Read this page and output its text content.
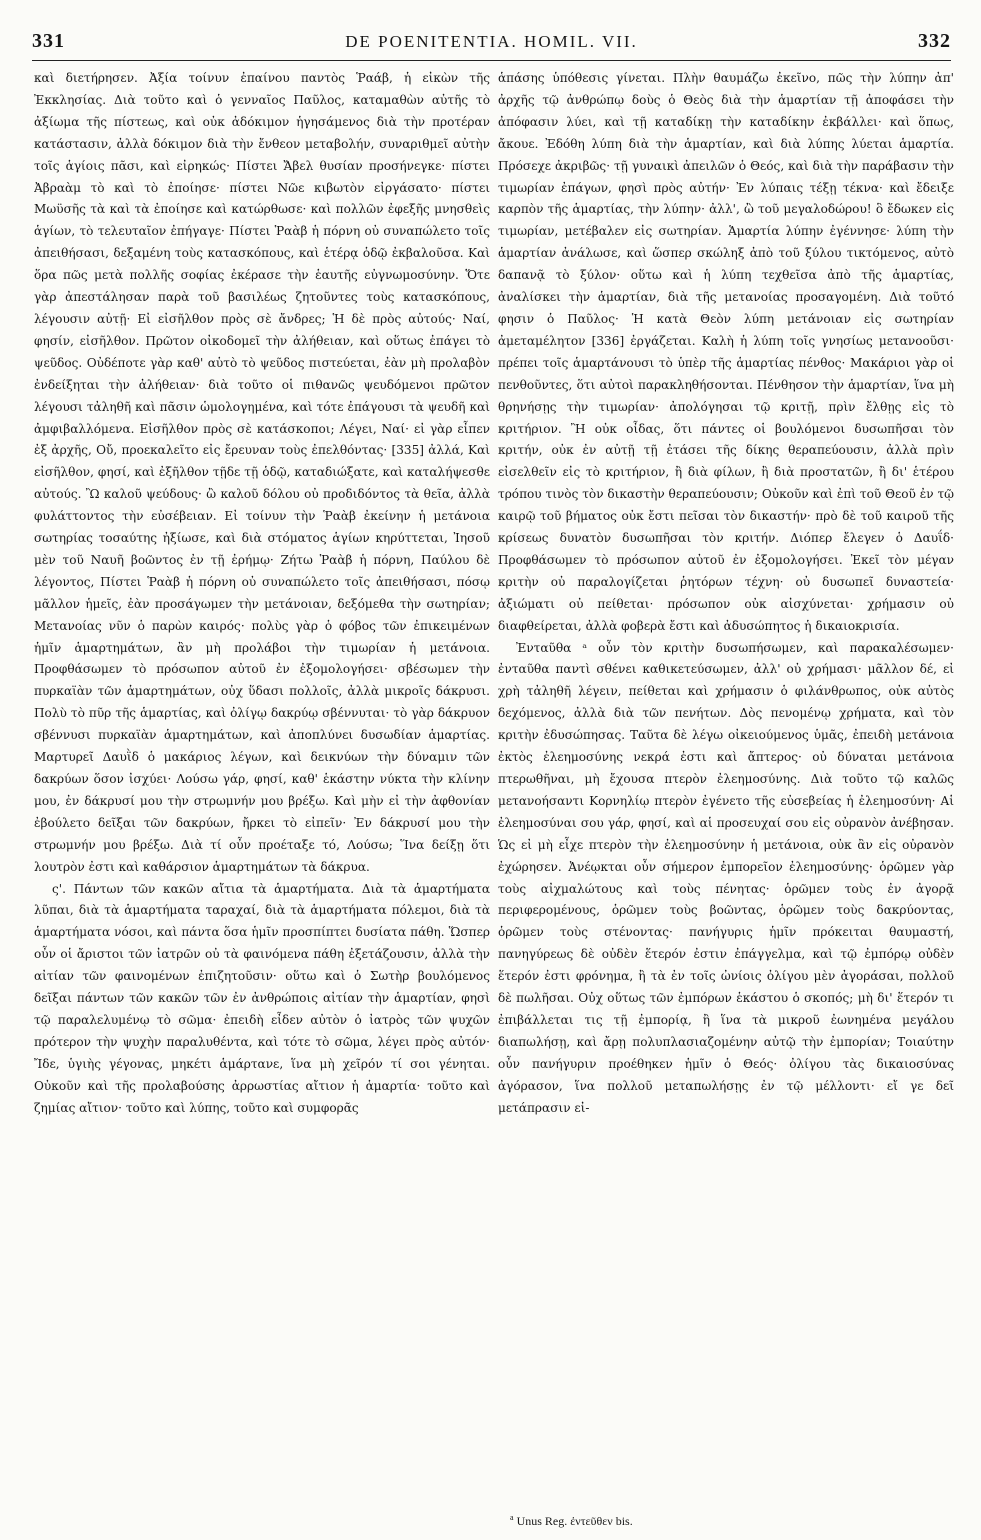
331	DE POENITENTIA. HOMIL. VII.	332

καὶ διετήρησεν. Ἀξία τοίνυν ἐπαίνου παντὸς Ῥαάβ, ἡ εἰκὼν τῆς Ἐκκλησίας. Διὰ τοῦτο καὶ ὁ γενναῖος Παῦλος, καταμαθὼν αὐτῆς τὸ ἀξίωμα τῆς πίστεως, καὶ οὐκ ἀδόκιμον ἡγησάμενος διὰ τὴν προτέραν κατάστασιν, ἀλλὰ δόκιμον διὰ τὴν ἔνθεον μεταβολήν, συναριθμεῖ αὐτὴν τοῖς ἁγίοις πᾶσι, καὶ εἰρηκώς· Πίστει Ἄβελ θυσίαν προσήνεγκε· πίστει Ἀβραὰμ τὸ καὶ τὸ ἐποίησε· πίστει Νῶε κιβωτὸν εἰργάσατο· πίστει Μωϋσῆς τὰ καὶ τὰ ἐποίησε καὶ κατώρθωσε· καὶ πολλῶν ἐφεξῆς μνησθεὶς ἁγίων, τὸ τελευταῖον ἐπήγαγε· Πίστει Ῥαὰβ ἡ πόρνη οὐ συναπώλετο τοῖς ἀπειθήσασι, δεξαμένη τοὺς κατασκόπους, καὶ ἑτέρᾳ ὁδῷ ἐκβαλοῦσα. Καὶ ὅρα πῶς μετὰ πολλῆς σοφίας ἐκέρασε τὴν ἑαυτῆς εὐγνωμοσύνην. Ὅτε γὰρ ἀπεστάλησαν παρὰ τοῦ βασιλέως ζητοῦντες τοὺς κατασκόπους, λέγουσιν αὐτῇ· Εἰ εἰσῆλθον πρὸς σὲ ἄνδρες; Ἡ δὲ πρὸς αὐτούς· Ναί, φησίν, εἰσῆλθον. Πρῶτον οἰκοδομεῖ τὴν ἀλήθειαν, καὶ οὕτως ἐπάγει τὸ ψεῦδος. Οὐδέποτε γὰρ καθ' αὑτὸ τὸ ψεῦδος πιστεύεται, ἐὰν μὴ προλαβὸν ἐνδείξηται τὴν ἀλήθειαν· διὰ τοῦτο οἱ πιθανῶς ψευδόμενοι πρῶτον λέγουσι τἀληθῆ καὶ πᾶσιν ὡμολογημένα, καὶ τότε ἐπάγουσι τὰ ψευδῆ καὶ ἀμφιβαλλόμενα. Εἰσῆλθον πρὸς σὲ κατάσκοποι; Λέγει, Ναί· εἰ γὰρ εἶπεν ἐξ ἀρχῆς, Οὔ, προεκαλεῖτο εἰς ἔρευναν τοὺς ἐπελθόντας· [335] ἀλλά, Καὶ εἰσῆλθον, φησί, καὶ ἐξῆλθον τῇδε τῇ ὁδῷ, καταδιώξατε, καὶ καταλήψεσθε αὐτούς. Ὢ καλοῦ ψεύδους· ὢ καλοῦ δόλου οὐ προδιδόντος τὰ θεῖα, ἀλλὰ φυλάττοντος τὴν εὐσέβειαν. Εἰ τοίνυν τὴν Ῥαὰβ ἐκείνην ἡ μετάνοια σωτηρίας τοσαύτης ἠξίωσε, καὶ διὰ στόματος ἁγίων κηρύττεται, Ἰησοῦ μὲν τοῦ Ναυῆ βοῶντος ἐν τῇ ἐρήμῳ· Ζήτω Ῥαὰβ ἡ πόρνη, Παύλου δὲ λέγοντος, Πίστει Ῥαὰβ ἡ πόρνη οὐ συναπώλετο τοῖς ἀπειθήσασι, πόσῳ μᾶλλον ἡμεῖς, ἐὰν προσάγωμεν τὴν μετάνοιαν, δεξόμεθα τὴν σωτηρίαν; Μετανοίας νῦν ὁ παρὼν καιρός· πολὺς γὰρ ὁ φόβος τῶν ἐπικειμένων ἡμῖν ἁμαρτημάτων, ἂν μὴ προλάβοι τὴν τιμωρίαν ἡ μετάνοια. Προφθάσωμεν τὸ πρόσωπον αὐτοῦ ἐν ἐξομολογήσει· σβέσωμεν τὴν πυρκαϊὰν τῶν ἁμαρτημάτων, οὐχ ὕδασι πολλοῖς, ἀλλὰ μικροῖς δάκρυσι. Πολὺ τὸ πῦρ τῆς ἁμαρτίας, καὶ ὀλίγῳ δακρύῳ σβέννυται· τὸ γὰρ δάκρυον σβέννυσι πυρκαϊὰν ἁμαρτημάτων, καὶ ἀποπλύνει δυσωδίαν ἁμαρτίας. Μαρτυρεῖ Δαυῒδ ὁ μακάριος λέγων, καὶ δεικνύων τὴν δύναμιν τῶν δακρύων ὅσον ἰσχύει· Λούσω γάρ, φησί, καθ' ἑκάστην νύκτα τὴν κλίνην μου, ἐν δάκρυσί μου τὴν στρωμνήν μου βρέξω. Καὶ μὴν εἰ τὴν ἀφθονίαν ἐβούλετο δεῖξαι τῶν δακρύων, ἤρκει τὸ εἰπεῖν· Ἐν δάκρυσί μου τὴν στρωμνήν μου βρέξω. Διὰ τί οὖν προέταξε τό, Λούσω; Ἵνα δείξῃ ὅτι λουτρὸν ἐστι καὶ καθάρσιον ἁμαρτημάτων τὰ δάκρυα.

ς'. Πάντων τῶν κακῶν αἴτια τὰ ἁμαρτήματα. Διὰ τὰ ἁμαρτήματα λῦπαι, διὰ τὰ ἁμαρτήματα ταραχαί, διὰ τὰ ἁμαρτήματα πόλεμοι, διὰ τὰ ἁμαρτήματα νόσοι, καὶ πάντα ὅσα ἡμῖν προσπίπτει δυσίατα πάθη. Ὥσπερ οὖν οἱ ἄριστοι τῶν ἰατρῶν οὐ τὰ φαινόμενα πάθη ἐξετάζουσιν, ἀλλὰ τὴν αἰτίαν τῶν φαινομένων ἐπιζητοῦσιν· οὕτω καὶ ὁ Σωτὴρ βουλόμενος δεῖξαι πάντων τῶν κακῶν τῶν ἐν ἀνθρώποις αἰτίαν τὴν ἁμαρτίαν, φησὶ τῷ παραλελυμένῳ τὸ σῶμα· ἐπειδὴ εἶδεν αὐτὸν ὁ ἰατρὸς τῶν ψυχῶν πρότερον τὴν ψυχὴν παραλυθέντα, καὶ τότε τὸ σῶμα, λέγει πρὸς αὐτόν· Ἴδε, ὑγιὴς γέγονας, μηκέτι ἁμάρτανε, ἵνα μὴ χεῖρόν τί σοι γένηται. Οὐκοῦν καὶ τῆς προλαβούσης ἀρρωστίας αἴτιον ἡ ἁμαρτία· τοῦτο καὶ ζημίας αἴτιον· τοῦτο καὶ λύπης, τοῦτο καὶ συμφορᾶς

ἁπάσης ὑπόθεσις γίνεται. Πλὴν θαυμάζω ἐκεῖνο, πῶς τὴν λύπην ἀπ' ἀρχῆς τῷ ἀνθρώπῳ δοὺς ὁ Θεὸς διὰ τὴν ἁμαρτίαν τῇ ἀποφάσει τὴν ἀπόφασιν λύει, καὶ τῇ καταδίκῃ τὴν καταδίκην ἐκβάλλει· καὶ ὅπως, ἄκουε. Ἐδόθη λύπη διὰ τὴν ἁμαρτίαν, καὶ διὰ λύπης λύεται ἁμαρτία. Πρόσεχε ἀκριβῶς· τῇ γυναικὶ ἀπειλῶν ὁ Θεός, καὶ διὰ τὴν παράβασιν τὴν τιμωρίαν ἐπάγων, φησὶ πρὸς αὐτήν· Ἐν λύπαις τέξῃ τέκνα· καὶ ἔδειξε καρπὸν τῆς ἁμαρτίας, τὴν λύπην· ἀλλ', ὢ τοῦ μεγαλοδώρου! ὃ ἔδωκεν εἰς τιμωρίαν, μετέβαλεν εἰς σωτηρίαν. Ἁμαρτία λύπην ἐγέννησε· λύπη τὴν ἁμαρτίαν ἀνάλωσε, καὶ ὥσπερ σκώληξ ἀπὸ τοῦ ξύλου τικτόμενος, αὐτὸ δαπανᾷ τὸ ξύλον· οὕτω καὶ ἡ λύπη τεχθεῖσα ἀπὸ τῆς ἁμαρτίας, ἀναλίσκει τὴν ἁμαρτίαν, διὰ τῆς μετανοίας προσαγομένη. Διὰ τοῦτό φησιν ὁ Παῦλος· Ἡ κατὰ Θεὸν λύπη μετάνοιαν εἰς σωτηρίαν ἀμεταμέλητον [336] ἐργάζεται. Καλὴ ἡ λύπη τοῖς γνησίως μετανοοῦσι· πρέπει τοῖς ἁμαρτάνουσι τὸ ὑπὲρ τῆς ἁμαρτίας πένθος· Μακάριοι γὰρ οἱ πενθοῦντες, ὅτι αὐτοὶ παρακληθήσονται. Πένθησον τὴν ἁμαρτίαν, ἵνα μὴ θρηνήσῃς τὴν τιμωρίαν· ἀπολόγησαι τῷ κριτῇ, πρὶν ἔλθῃς εἰς τὸ κριτήριον. Ἢ οὐκ οἶδας, ὅτι πάντες οἱ βουλόμενοι δυσωπῆσαι τὸν κριτήν, οὐκ ἐν αὐτῇ τῇ ἐτάσει τῆς δίκης θεραπεύουσιν, ἀλλὰ πρὶν εἰσελθεῖν εἰς τὸ κριτήριον, ἢ διὰ φίλων, ἢ διὰ προστατῶν, ἢ δι' ἑτέρου τρόπου τινὸς τὸν δικαστὴν θεραπεύουσιν; Οὐκοῦν καὶ ἐπὶ τοῦ Θεοῦ ἐν τῷ καιρῷ τοῦ βήματος οὐκ ἔστι πεῖσαι τὸν δικαστήν· πρὸ δὲ τοῦ καιροῦ τῆς κρίσεως δυνατὸν δυσωπῆσαι τὸν κριτήν. Διόπερ ἔλεγεν ὁ Δαυΐδ· Προφθάσωμεν τὸ πρόσωπον αὐτοῦ ἐν ἐξομολογήσει. Ἐκεῖ τὸν μέγαν κριτὴν οὐ παραλογίζεται ῥητόρων τέχνη· οὐ δυσωπεῖ δυναστεία· ἀξιώματι οὐ πείθεται· πρόσωπον οὐκ αἰσχύνεται· χρήμασιν οὐ διαφθείρεται, ἀλλὰ φοβερὰ ἔστι καὶ ἀδυσώπητος ἡ δικαιοκρισία.

Ἐνταῦθα ᵃ οὖν τὸν κριτὴν δυσωπήσωμεν, καὶ παρακαλέσωμεν· ἐνταῦθα παντὶ σθένει καθικετεύσωμεν, ἀλλ' οὐ χρήμασι· μᾶλλον δέ, εἰ χρὴ τἀληθῆ λέγειν, πείθεται καὶ χρήμασιν ὁ φιλάνθρωπος, οὐκ αὐτὸς δεχόμενος, ἀλλὰ διὰ τῶν πενήτων. Δὸς πενομένῳ χρήματα, καὶ τὸν κριτὴν ἐδυσώπησας. Ταῦτα δὲ λέγω οἰκειούμενος ὑμᾶς, ἐπειδὴ μετάνοια ἐκτὸς ἐλεημοσύνης νεκρά ἐστι καὶ ἄπτερος· οὐ δύναται μετάνοια πτερωθῆναι, μὴ ἔχουσα πτερὸν ἐλεημοσύνης. Διὰ τοῦτο τῷ καλῶς μετανοήσαντι Κορνηλίῳ πτερὸν ἐγένετο τῆς εὐσεβείας ἡ ἐλεημοσύνη· Αἱ ἐλεημοσύναι σου γάρ, φησί, καὶ αἱ προσευχαί σου εἰς οὐρανὸν ἀνέβησαν. Ὡς εἰ μὴ εἶχε πτερὸν τὴν ἐλεημοσύνην ἡ μετάνοια, οὐκ ἂν εἰς οὐρανὸν ἐχώρησεν. Ἀνέῳκται οὖν σήμερον ἐμπορεῖον ἐλεημοσύνης· ὁρῶμεν γὰρ τοὺς αἰχμαλώτους καὶ τοὺς πένητας· ὁρῶμεν τοὺς ἐν ἀγορᾷ περιφερομένους, ὁρῶμεν τοὺς βοῶντας, ὁρῶμεν τοὺς δακρύοντας, ὁρῶμεν τοὺς στένοντας· πανήγυρις ἡμῖν πρόκειται θαυμαστή, πανηγύρεως δὲ οὐδὲν ἕτερόν ἐστιν ἐπάγγελμα, καὶ τῷ ἐμπόρῳ οὐδὲν ἕτερόν ἐστι φρόνημα, ἢ τὰ ἐν τοῖς ὠνίοις ὀλίγου μὲν ἀγοράσαι, πολλοῦ δὲ πωλῆσαι. Οὐχ οὕτως τῶν ἐμπόρων ἑκάστου ὁ σκοπός; μὴ δι' ἕτερόν τι ἐπιβάλλεται τις τῇ ἐμπορίᾳ, ἢ ἵνα τὰ μικροῦ ἐωνημένα μεγάλου διαπωλήσῃ, καὶ ἄρῃ πολυπλασιαζομένην αὐτῷ τὴν ἐμπορίαν; Τοιαύτην οὖν πανήγυριν προέθηκεν ἡμῖν ὁ Θεός· ὀλίγου τὰς δικαιοσύνας ἀγόρασον, ἵνα πολλοῦ μεταπωλήσῃς ἐν τῷ μέλλοντι· εἴ γε δεῖ μετάπρασιν εἰ-

$^a$ Unus Reg. ἐντεῦθεν bis.
